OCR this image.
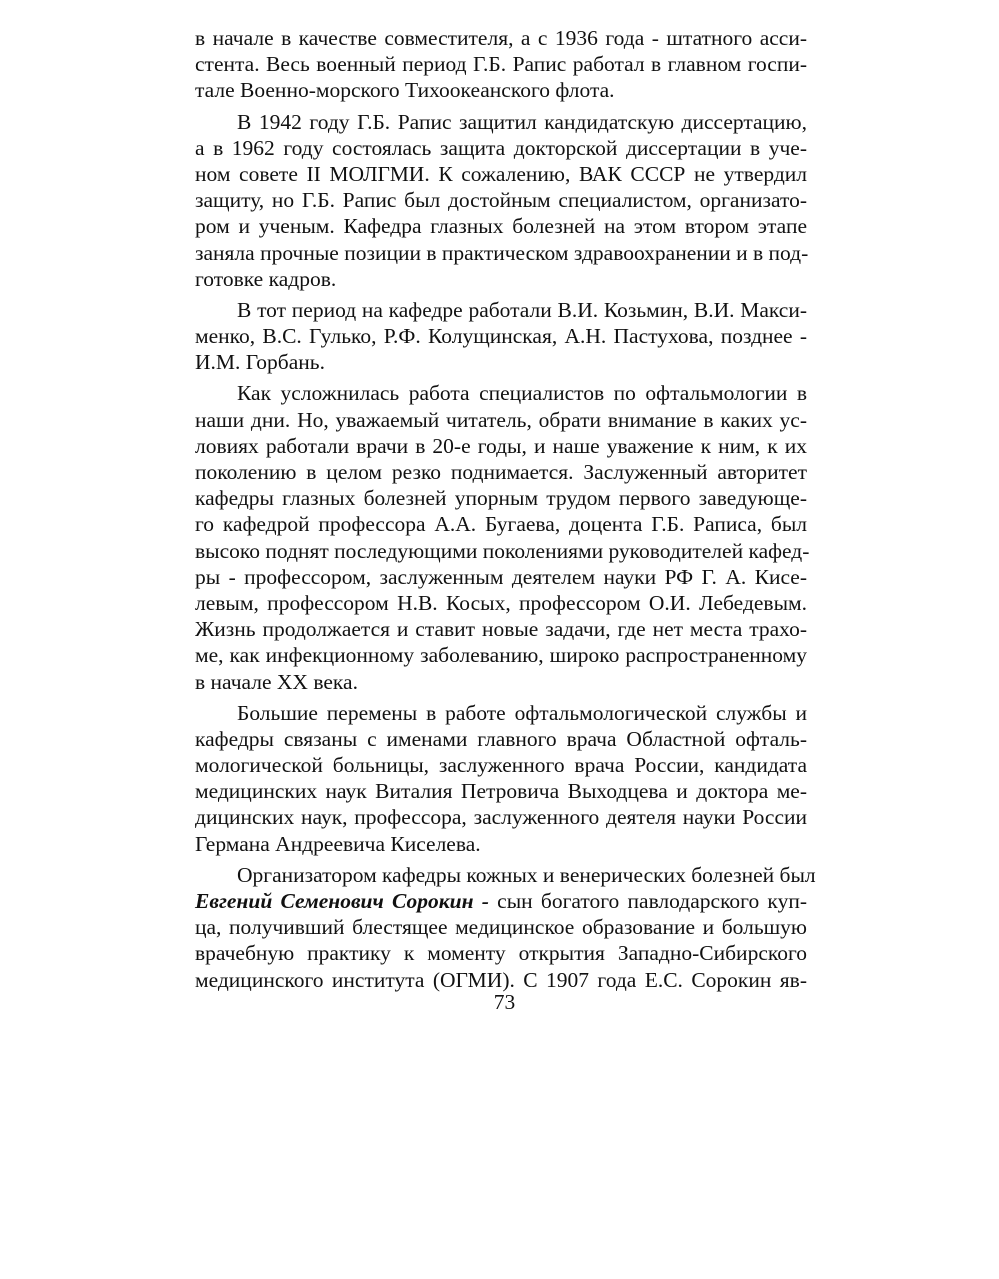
в начале в качестве совместителя, а с 1936 года - штатного асси-
стента. Весь военный период Г.Б. Рапис работал в главном госпи-
тале Военно-морского Тихоокеанского флота.
В 1942 году Г.Б. Рапис защитил кандидатскую диссертацию,
а в 1962 году состоялась защита докторской диссертации в уче-
ном совете II МОЛГМИ. К сожалению, ВАК СССР не утвердил
защиту, но Г.Б. Рапис был достойным специалистом, организато-
ром и ученым. Кафедра глазных болезней на этом втором этапе
заняла прочные позиции в практическом здравоохранении и в под-
готовке кадров.
В тот период на кафедре работали В.И. Козьмин, В.И. Макси-
менко, В.С. Гулько, Р.Ф. Колущинская, А.Н. Пастухова, позднее -
И.М. Горбань.
Как усложнилась работа специалистов по офтальмологии в
наши дни. Но, уважаемый читатель, обрати внимание в каких ус-
ловиях работали врачи в 20-е годы, и наше уважение к ним, к их
поколению в целом резко поднимается. Заслуженный авторитет
кафедры глазных болезней упорным трудом первого заведующе-
го кафедрой профессора А.А. Бугаева, доцента Г.Б. Раписа, был
высоко поднят последующими поколениями руководителей кафед-
ры - профессором, заслуженным деятелем науки РФ Г. А. Кисе-
левым, профессором Н.В. Косых, профессором О.И. Лебедевым.
Жизнь продолжается и ставит новые задачи, где нет места трахо-
ме, как инфекционному заболеванию, широко распространенному
в начале XX века.
Большие перемены в работе офтальмологической службы и
кафедры связаны с именами главного врача Областной офталь-
мологической больницы, заслуженного врача России, кандидата
медицинских наук Виталия Петровича Выходцева и доктора ме-
дицинских наук, профессора, заслуженного деятеля науки России
Германа Андреевича Киселева.
Организатором кафедры кожных и венерических болезней был
Евгений Семенович Сорокин - сын богатого павлодарского куп-
ца, получивший блестящее медицинское образование и большую
врачебную практику к моменту открытия Западно-Сибирского
медицинского института (ОГМИ). С 1907 года Е.С. Сорокин яв-
73
